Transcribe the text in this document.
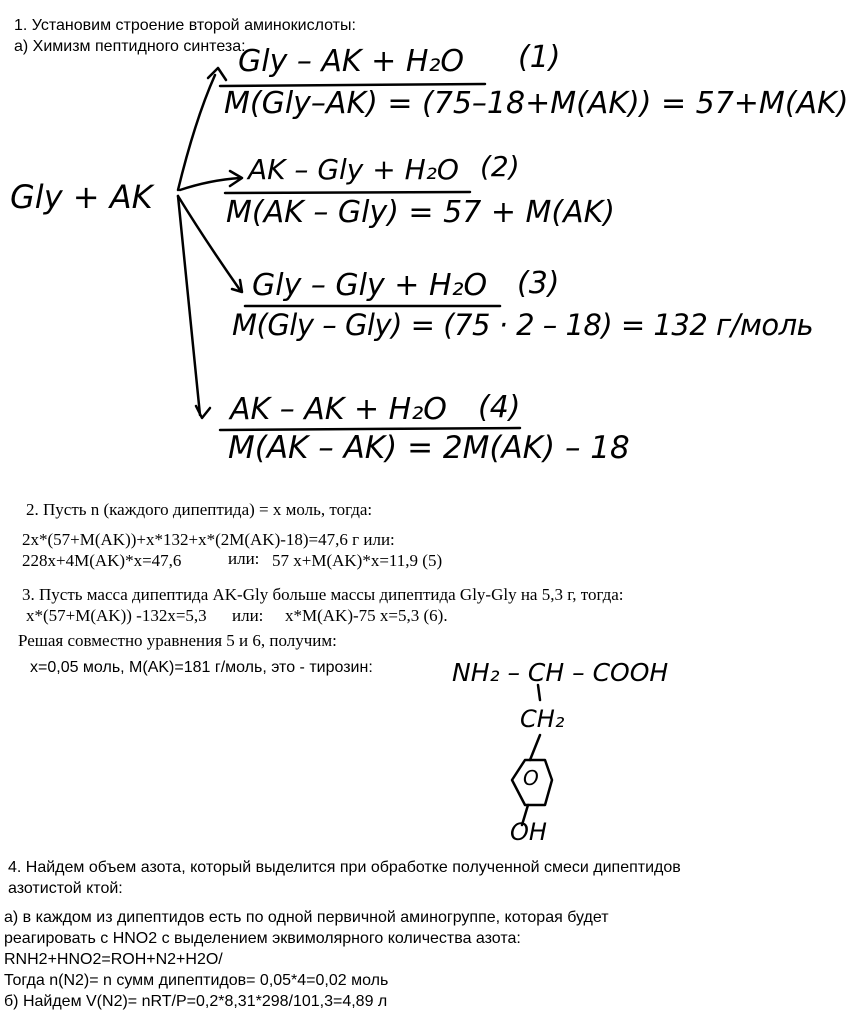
1. Установим строение второй аминокислоты:
а) Химизм пептидного синтеза:
Gly + AK
Gly – AK + H₂O (1)
M(Gly–AK) = (75–18+M(AK)) = 57+M(AK)
AK – Gly + H₂O (2)
M(AK – Gly) = 57 + M(AK)
Gly – Gly + H₂O (3)
M(Gly – Gly) = (75 · 2 – 18) = 132 г/моль
AK – AK + H₂O (4)
M(AK – AK) = 2M(AK) – 18
2. Пусть n (каждого дипептида) = x моль, тогда:
2x*(57+M(AK))+x*132+x*(2M(AK)-18)=47,6 г или:
228x+4M(AK)*x=47,6	или: 57 x+M(AK)*x=11,9 (5)
3. Пусть масса дипептида AK-Gly больше массы дипептида Gly-Gly на 5,3 г, тогда:
x*(57+M(AK)) -132x=5,3 или: x*M(AK)-75 x=5,3 (6).
Решая совместно уравнения 5 и 6, получим:
x=0,05 моль, M(AK)=181 г/моль, это - тирозин:	NH₂ – CH – COOH
CH₂
O
OH
4. Найдем объем азота, который выделится при обработке полученной смеси дипептидов
азотистой ктой:
а) в каждом из дипептидов есть по одной первичной аминогруппе, которая будет
реагировать с HNO2 с выделением эквимолярного количества азота:
RNH2+HNO2=ROH+N2+H2O/
Тогда n(N2)= n сумм дипептидов= 0,05*4=0,02 моль
б) Найдем V(N2)= nRT/P=0,2*8,31*298/101,3=4,89 л
